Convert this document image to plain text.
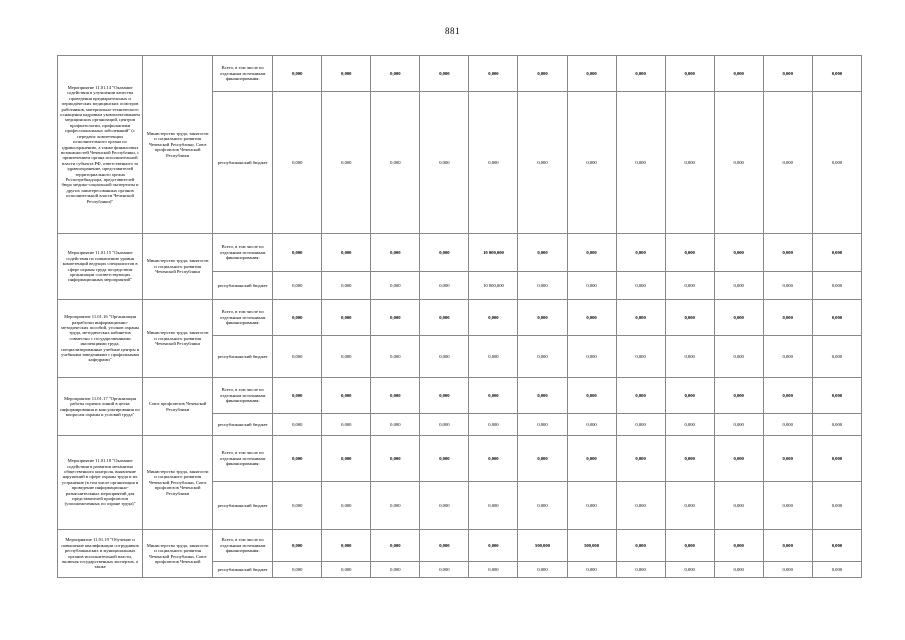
881
Мероприятие 11.01.14 "Оказание содействия в улучшении качества проведения предварительных и периодических медицинских осмотров работников, материально-технического оснащения кадровым укомплектованием медицинских организаций, центров профпатологии, профилактики профессиональных заболеваний" (с передачи: компетенции исполнительного органа по здравоохранению, а также финансовых возможностей Чеченской Республики, с привлечением органа исполнительной власти субъекта РФ, ответственного за здравоохранение, представителей территориального органа Роспотребнадзора, представителей бюро медико-социальной экспертизы и других заинтересованных органов исполнительной власти Чеченской Республики)"	Министерство труда, занятости и социального развития Чеченской Республики, Союз профсоюзов Чеченской Республики	Всего, в том числе по отдельным источникам финансирования:	0,000	0,000	0,000	0,000	0,000	0,000	0,000	0,000	0,000	0,000	0,000	0,000
		республиканский бюджет	0,000	0,000	0,000	0,000	0,000	0,000	0,000	0,000	0,000	0,000	0,000	0,000
Мероприятие 11.01.15 "Оказание содействия по повышению уровня компетенций ведущих специалистов в сфере охраны труда посредством организации соответствующих информационных мероприятий"	Министерство труда, занятости и социального развития Чеченской Республики	Всего, в том числе по отдельным источникам финансирования:	0,000	0,000	0,000	0,000	10 000,000	0,000	0,000	0,000	0,000	0,000	0,000	0,000
		республиканский бюджет	0,000	0,000	0,000	0,000	10 000,000	0,000	0,000	0,000	0,000	0,000	0,000	0,000
Мероприятие 11.01.16 "Организация разработки информационно-методических пособий, уголков охраны труда, методических кабинетов совместно с государственными инспекциями труда, специализированные учебные центры и учебными заведениями с профильными кафедрами"	Министерство труда, занятости и социального развития Чеченской Республики	Всего, в том числе по отдельным источникам финансирования:	0,000	0,000	0,000	0,000	0,000	0,000	0,000	0,000	0,000	0,000	0,000	0,000
		республиканский бюджет	0,000	0,000	0,000	0,000	0,000	0,000	0,000	0,000	0,000	0,000	0,000	0,000
Мероприятие 11.01.17 "Организация работы горячих линий в целях информирования и консультирования по вопросам охраны и условий труда"	Союз профсоюзов Чеченской Республики	Всего, в том числе по отдельным источникам финансирования:	0,000	0,000	0,000	0,000	0,000	0,000	0,000	0,000	0,000	0,000	0,000	0,000
		республиканский бюджет	0,000	0,000	0,000	0,000	0,000	0,000	0,000	0,000	0,000	0,000	0,000	0,000
Мероприятие 11.01.18 "Оказание содействия в развитии механизма общественного контроля, выявление нарушений в сфере охраны труда и их устранение (в том числе организация и проведение информационно-разъяснительных мероприятий для представителей профсоюзов (уполномоченных по охране труда)"	Министерство труда, занятости и социального развития Чеченской Республики, Союз профсоюзов Чеченской Республики	Всего, в том числе по отдельным источникам финансирования:	0,000	0,000	0,000	0,000	0,000	0,000	0,000	0,000	0,000	0,000	0,000	0,000
		республиканский бюджет	0,000	0,000	0,000	0,000	0,000	0,000	0,000	0,000	0,000	0,000	0,000	0,000
Мероприятие 11.01.19 "Обучение и повышение квалификации сотрудников республиканских и муниципальных органов исполнительной власти, включая государственных экспертов, а также	Министерство труда, занятости и социального развития Чеченской Республики, Союз профсоюзов Чеченской	Всего, в том числе по отдельным источникам финансирования:	0,000	0,000	0,000	0,000	0,000	500,000	500,000	0,000	0,000	0,000	0,000	0,000
		республиканский бюджет	0,000	0,000	0,000	0,000	0,000	0,000	0,000	0,000	0,000	0,000	0,000	0,000
